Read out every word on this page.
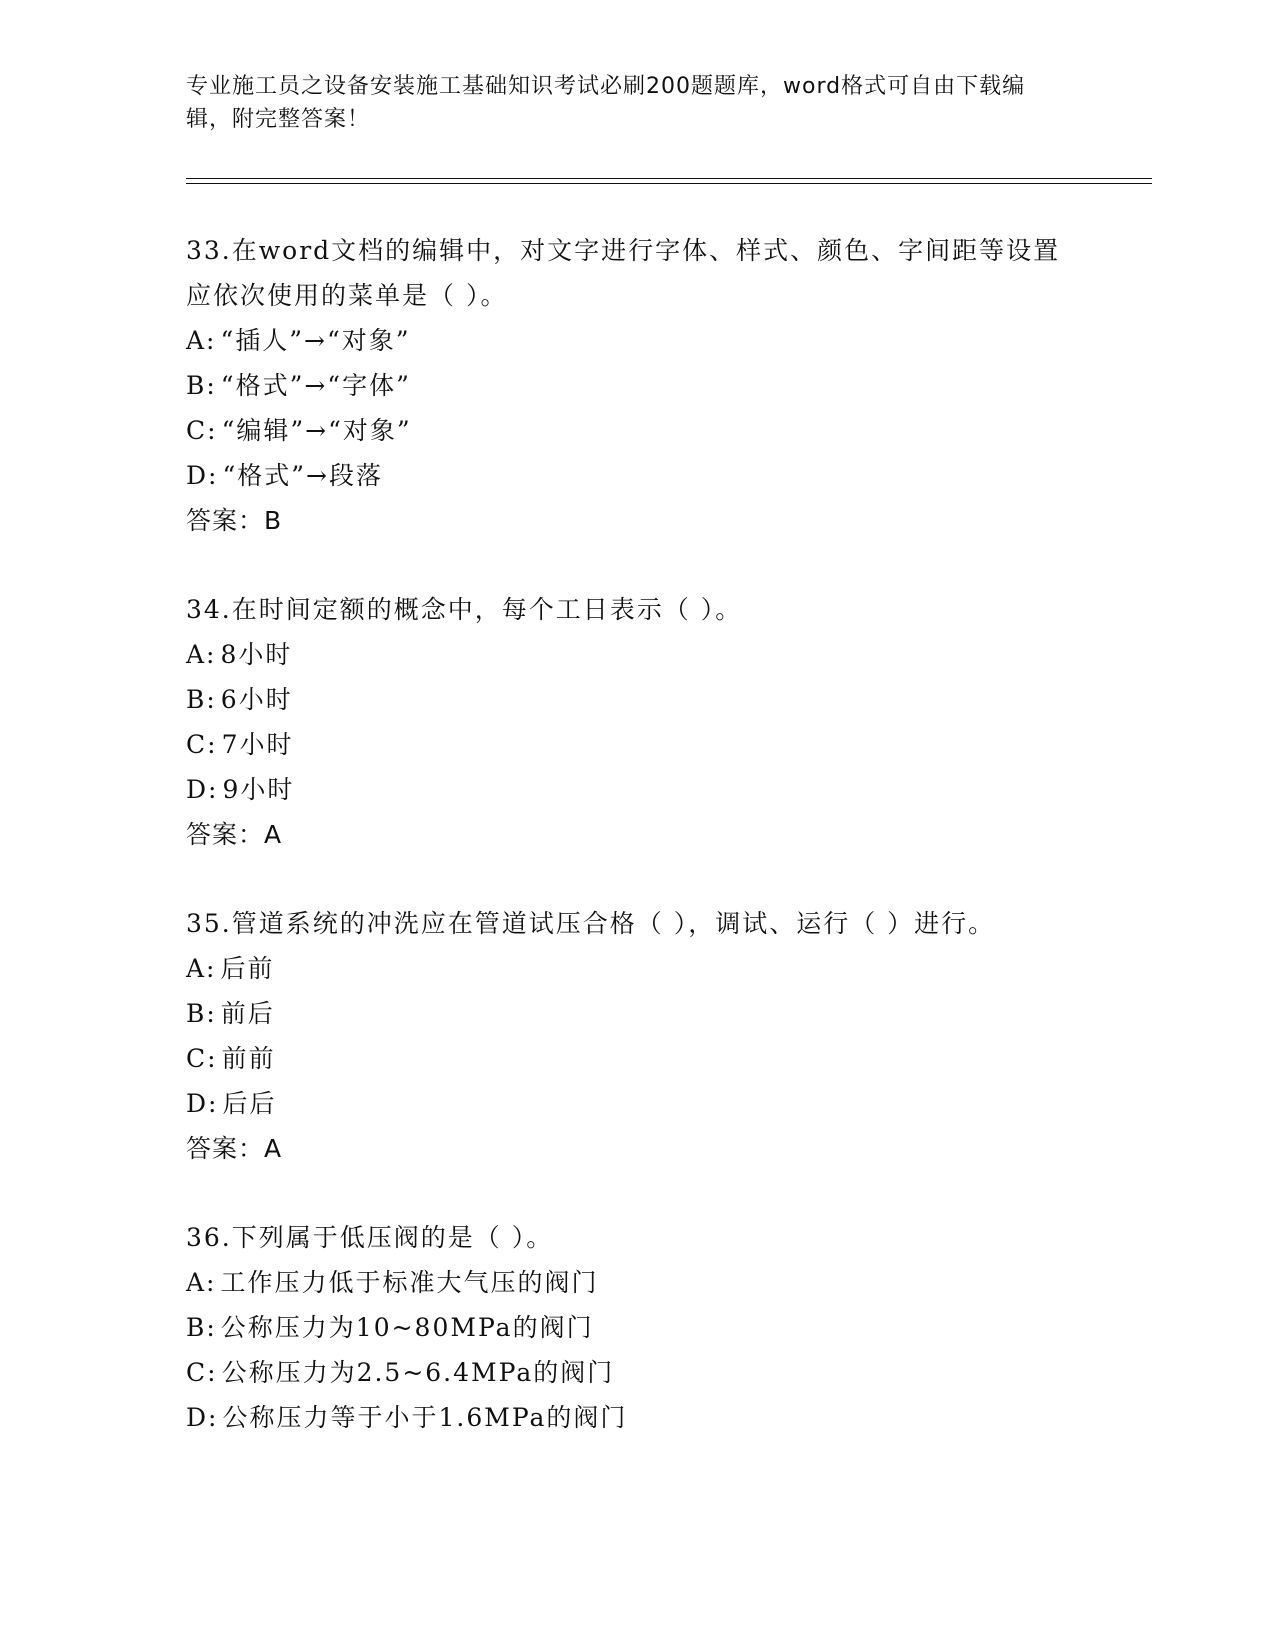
专业施工员之设备安装施工基础知识考试必刷200题题库，word格式可自由下载编辑，附完整答案！

33.在word文档的编辑中，对文字进行字体、样式、颜色、字间距等设置应依次使用的菜单是（ ）。

A: “插人”→“对象”

B: “格式”→“字体”

C: “编辑”→“对象”

D: “格式”→段落

答案：B

34.在时间定额的概念中，每个工日表示（ ）。

A: 8小时

B: 6小时

C: 7小时

D: 9小时

答案：A

35.管道系统的冲洗应在管道试压合格（ ），调试、运行（ ）进行。

A: 后前

B: 前后

C: 前前

D: 后后

答案：A

36.下列属于低压阀的是（ ）。

A: 工作压力低于标准大气压的阀门

B: 公称压力为10~80MPa的阀门

C: 公称压力为2.5~6.4MPa的阀门

D: 公称压力等于小于1.6MPa的阀门
